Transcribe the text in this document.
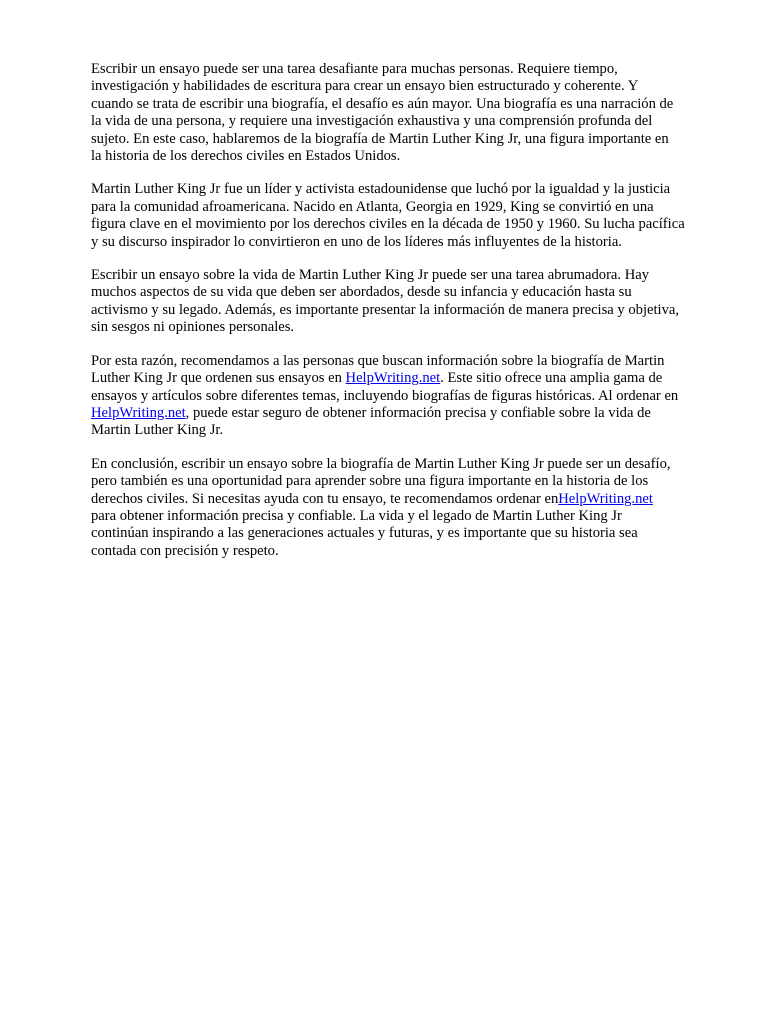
Escribir un ensayo puede ser una tarea desafiante para muchas personas. Requiere tiempo,
investigación y habilidades de escritura para crear un ensayo bien estructurado y coherente. Y
cuando se trata de escribir una biografía, el desafío es aún mayor. Una biografía es una narración de
la vida de una persona, y requiere una investigación exhaustiva y una comprensión profunda del
sujeto. En este caso, hablaremos de la biografía de Martin Luther King Jr, una figura importante en
la historia de los derechos civiles en Estados Unidos.

Martin Luther King Jr fue un líder y activista estadounidense que luchó por la igualdad y la justicia
para la comunidad afroamericana. Nacido en Atlanta, Georgia en 1929, King se convirtió en una
figura clave en el movimiento por los derechos civiles en la década de 1950 y 1960. Su lucha pacífica
y su discurso inspirador lo convirtieron en uno de los líderes más influyentes de la historia.

Escribir un ensayo sobre la vida de Martin Luther King Jr puede ser una tarea abrumadora. Hay
muchos aspectos de su vida que deben ser abordados, desde su infancia y educación hasta su
activismo y su legado. Además, es importante presentar la información de manera precisa y objetiva,
sin sesgos ni opiniones personales.

Por esta razón, recomendamos a las personas que buscan información sobre la biografía de Martin
Luther King Jr que ordenen sus ensayos en HelpWriting.net. Este sitio ofrece una amplia gama de
ensayos y artículos sobre diferentes temas, incluyendo biografías de figuras históricas. Al ordenar en
HelpWriting.net, puede estar seguro de obtener información precisa y confiable sobre la vida de
Martin Luther King Jr.

En conclusión, escribir un ensayo sobre la biografía de Martin Luther King Jr puede ser un desafío,
pero también es una oportunidad para aprender sobre una figura importante en la historia de los
derechos civiles. Si necesitas ayuda con tu ensayo, te recomendamos ordenar enHelpWriting.net
para obtener información precisa y confiable. La vida y el legado de Martin Luther King Jr
continúan inspirando a las generaciones actuales y futuras, y es importante que su historia sea
contada con precisión y respeto.
